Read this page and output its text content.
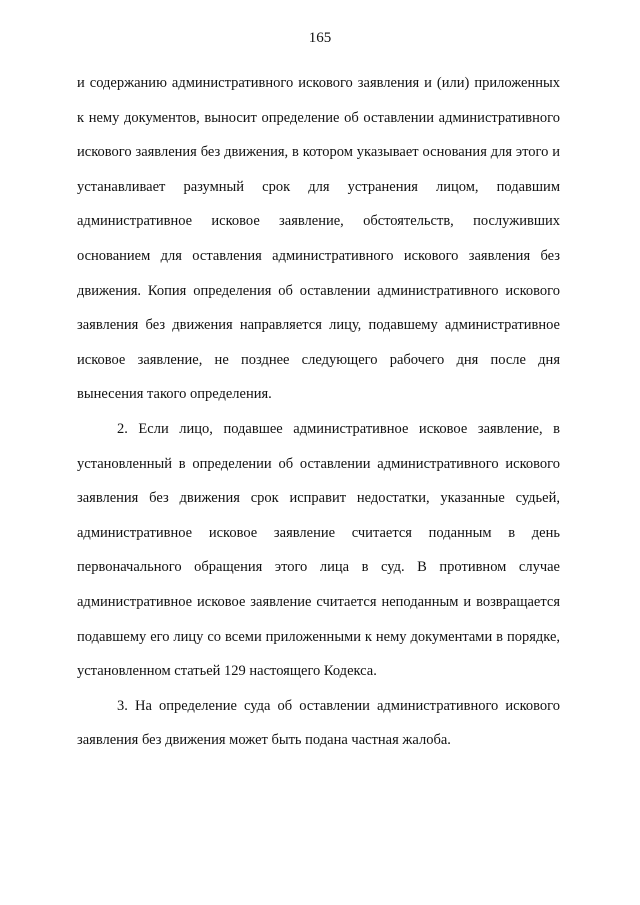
165

и содержанию административного искового заявления и (или) приложенных к нему документов, выносит определение об оставлении административного искового заявления без движения, в котором указывает основания для этого и устанавливает разумный срок для устранения лицом, подавшим административное исковое заявление, обстоятельств, послуживших основанием для оставления административного искового заявления без движения. Копия определения об оставлении административного искового заявления без движения направляется лицу, подавшему административное исковое заявление, не позднее следующего рабочего дня после дня вынесения такого определения.

2. Если лицо, подавшее административное исковое заявление, в установленный в определении об оставлении административного искового заявления без движения срок исправит недостатки, указанные судьей, административное исковое заявление считается поданным в день первоначального обращения этого лица в суд. В противном случае административное исковое заявление считается неподанным и возвращается подавшему его лицу со всеми приложенными к нему документами в порядке, установленном статьей 129 настоящего Кодекса.

3. На определение суда об оставлении административного искового заявления без движения может быть подана частная жалоба.
